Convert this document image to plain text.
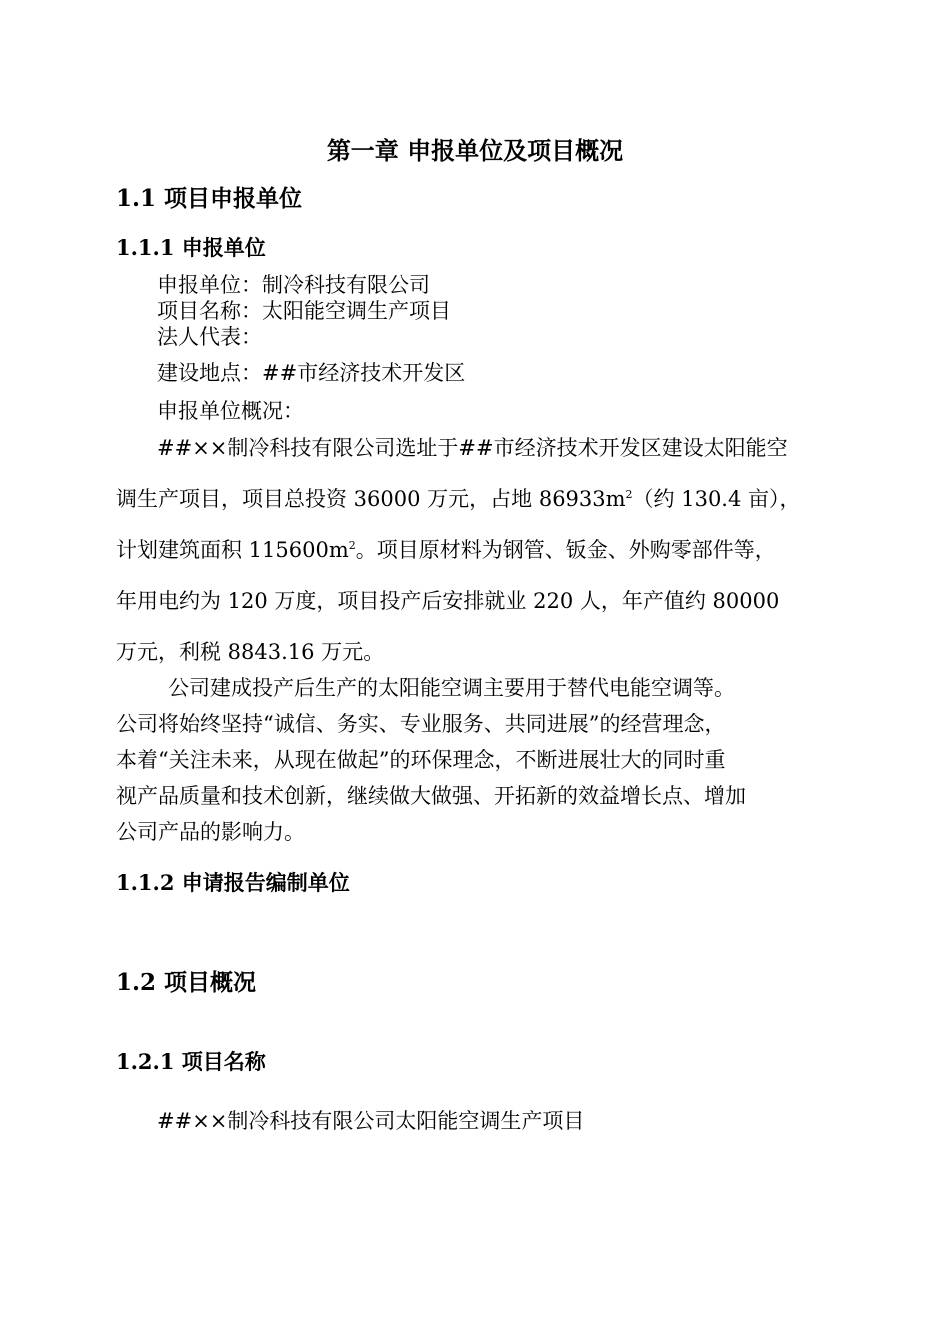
第一章 申报单位及项目概况
1.1 项目申报单位
1.1.1 申报单位
申报单位：制冷科技有限公司
项目名称：太阳能空调生产项目
法人代表：
建设地点：##市经济技术开发区
申报单位概况：
##××制冷科技有限公司选址于##市经济技术开发区建设太阳能空
调生产项目，项目总投资 36000 万元，占地 $86933m^2$（约 130.4 亩），
计划建筑面积 $115600m^2$。项目原材料为钢管、钣金、外购零部件等，
年用电约为 120 万度，项目投产后安排就业 220 人，年产值约 80000
万元，利税 8843.16 万元。
公司建成投产后生产的太阳能空调主要用于替代电能空调等。
公司将始终坚持“诚信、务实、专业服务、共同进展”的经营理念，
本着“关注未来，从现在做起”的环保理念，不断进展壮大的同时重
视产品质量和技术创新，继续做大做强、开拓新的效益增长点、增加
公司产品的影响力。
1.1.2 申请报告编制单位
1.2 项目概况
1.2.1 项目名称
##××制冷科技有限公司太阳能空调生产项目
